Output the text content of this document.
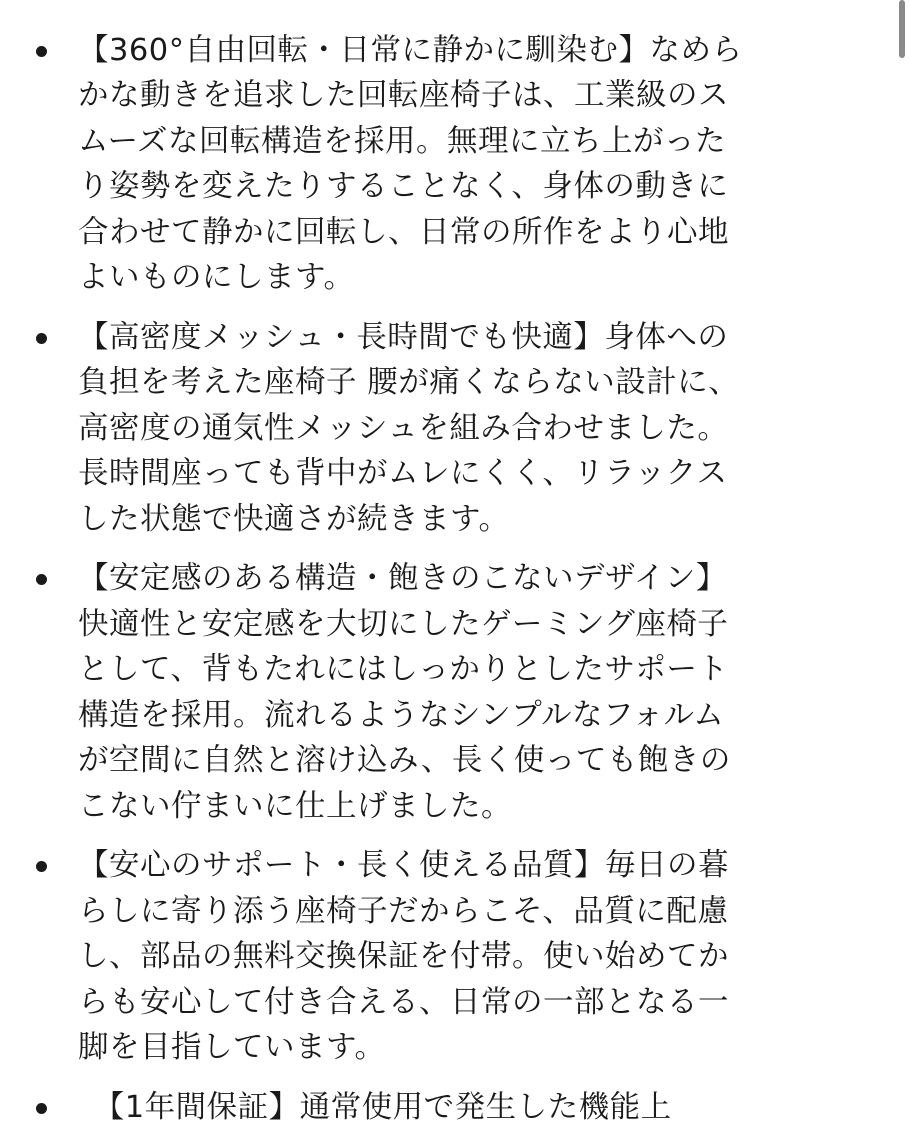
【360°自由回転・日常に静かに馴染む】なめら
かな動きを追求した回転座椅子は、工業級のス
ムーズな回転構造を採用。無理に立ち上がった
り姿勢を変えたりすることなく、身体の動きに
合わせて静かに回転し、日常の所作をより心地
よいものにします。
【高密度メッシュ・長時間でも快適】身体への
負担を考えた座椅子 腰が痛くならない設計に、
高密度の通気性メッシュを組み合わせました。
長時間座っても背中がムレにくく、リラックス
した状態で快適さが続きます。
【安定感のある構造・飽きのこないデザイン】
快適性と安定感を大切にしたゲーミング座椅子
として、背もたれにはしっかりとしたサポート
構造を採用。流れるようなシンプルなフォルム
が空間に自然と溶け込み、長く使っても飽きの
こない佇まいに仕上げました。
【安心のサポート・長く使える品質】毎日の暮
らしに寄り添う座椅子だからこそ、品質に配慮
し、部品の無料交換保証を付帯。使い始めてか
らも安心して付き合える、日常の一部となる一
脚を目指しています。
　【1年間保証】通常使用で発生した機能上
